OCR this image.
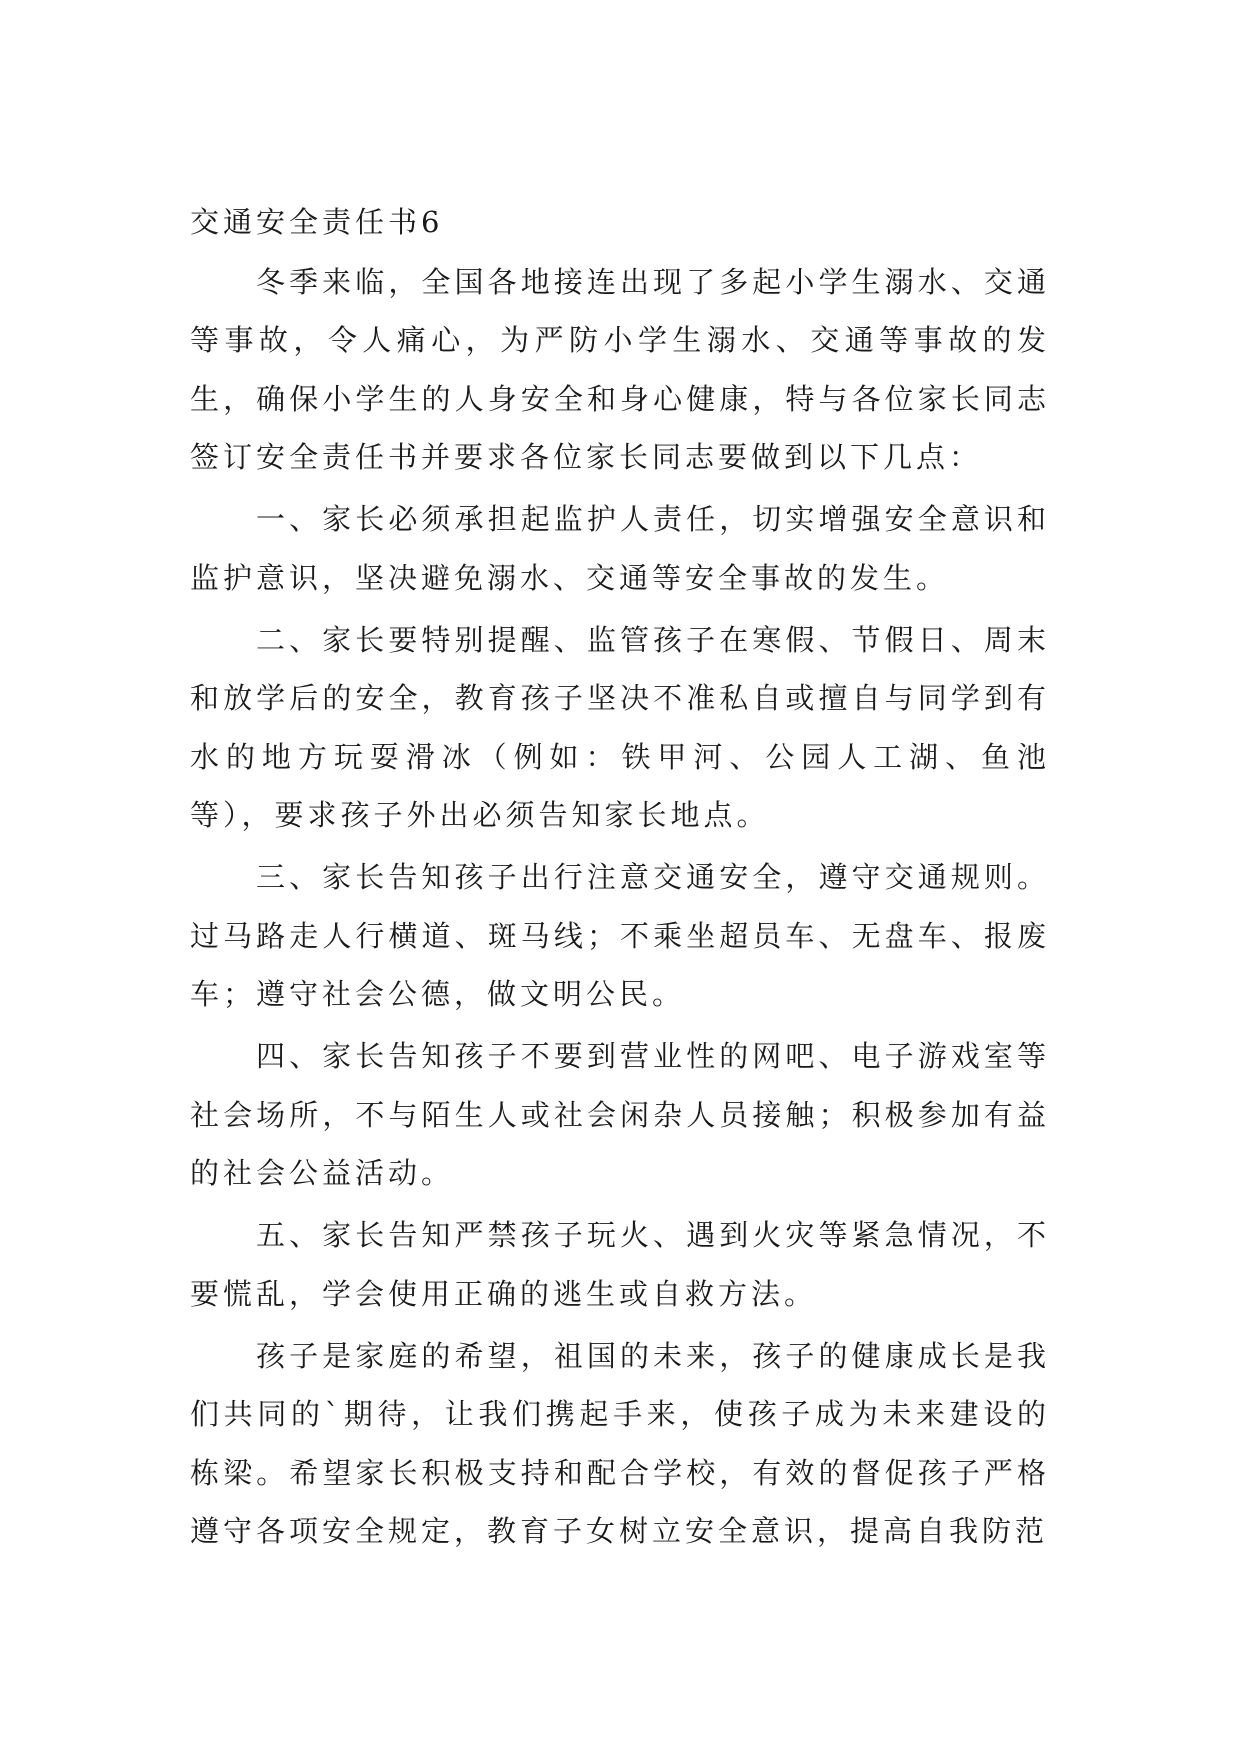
交通安全责任书6

冬季来临，全国各地接连出现了多起小学生溺水、交通等事故，令人痛心，为严防小学生溺水、交通等事故的发生，确保小学生的人身安全和身心健康，特与各位家长同志签订安全责任书并要求各位家长同志要做到以下几点：

一、家长必须承担起监护人责任，切实增强安全意识和监护意识，坚决避免溺水、交通等安全事故的发生。

二、家长要特别提醒、监管孩子在寒假、节假日、周末和放学后的安全，教育孩子坚决不准私自或擅自与同学到有水的地方玩耍滑冰（例如：铁甲河、公园人工湖、鱼池等），要求孩子外出必须告知家长地点。

三、家长告知孩子出行注意交通安全，遵守交通规则。过马路走人行横道、斑马线；不乘坐超员车、无盘车、报废车；遵守社会公德，做文明公民。

四、家长告知孩子不要到营业性的网吧、电子游戏室等社会场所，不与陌生人或社会闲杂人员接触；积极参加有益的社会公益活动。

五、家长告知严禁孩子玩火、遇到火灾等紧急情况，不要慌乱，学会使用正确的逃生或自救方法。

孩子是家庭的希望，祖国的未来，孩子的健康成长是我们共同的`期待，让我们携起手来，使孩子成为未来建设的栋梁。希望家长积极支持和配合学校，有效的督促孩子严格遵守各项安全规定，教育子女树立安全意识，提高自我防范
